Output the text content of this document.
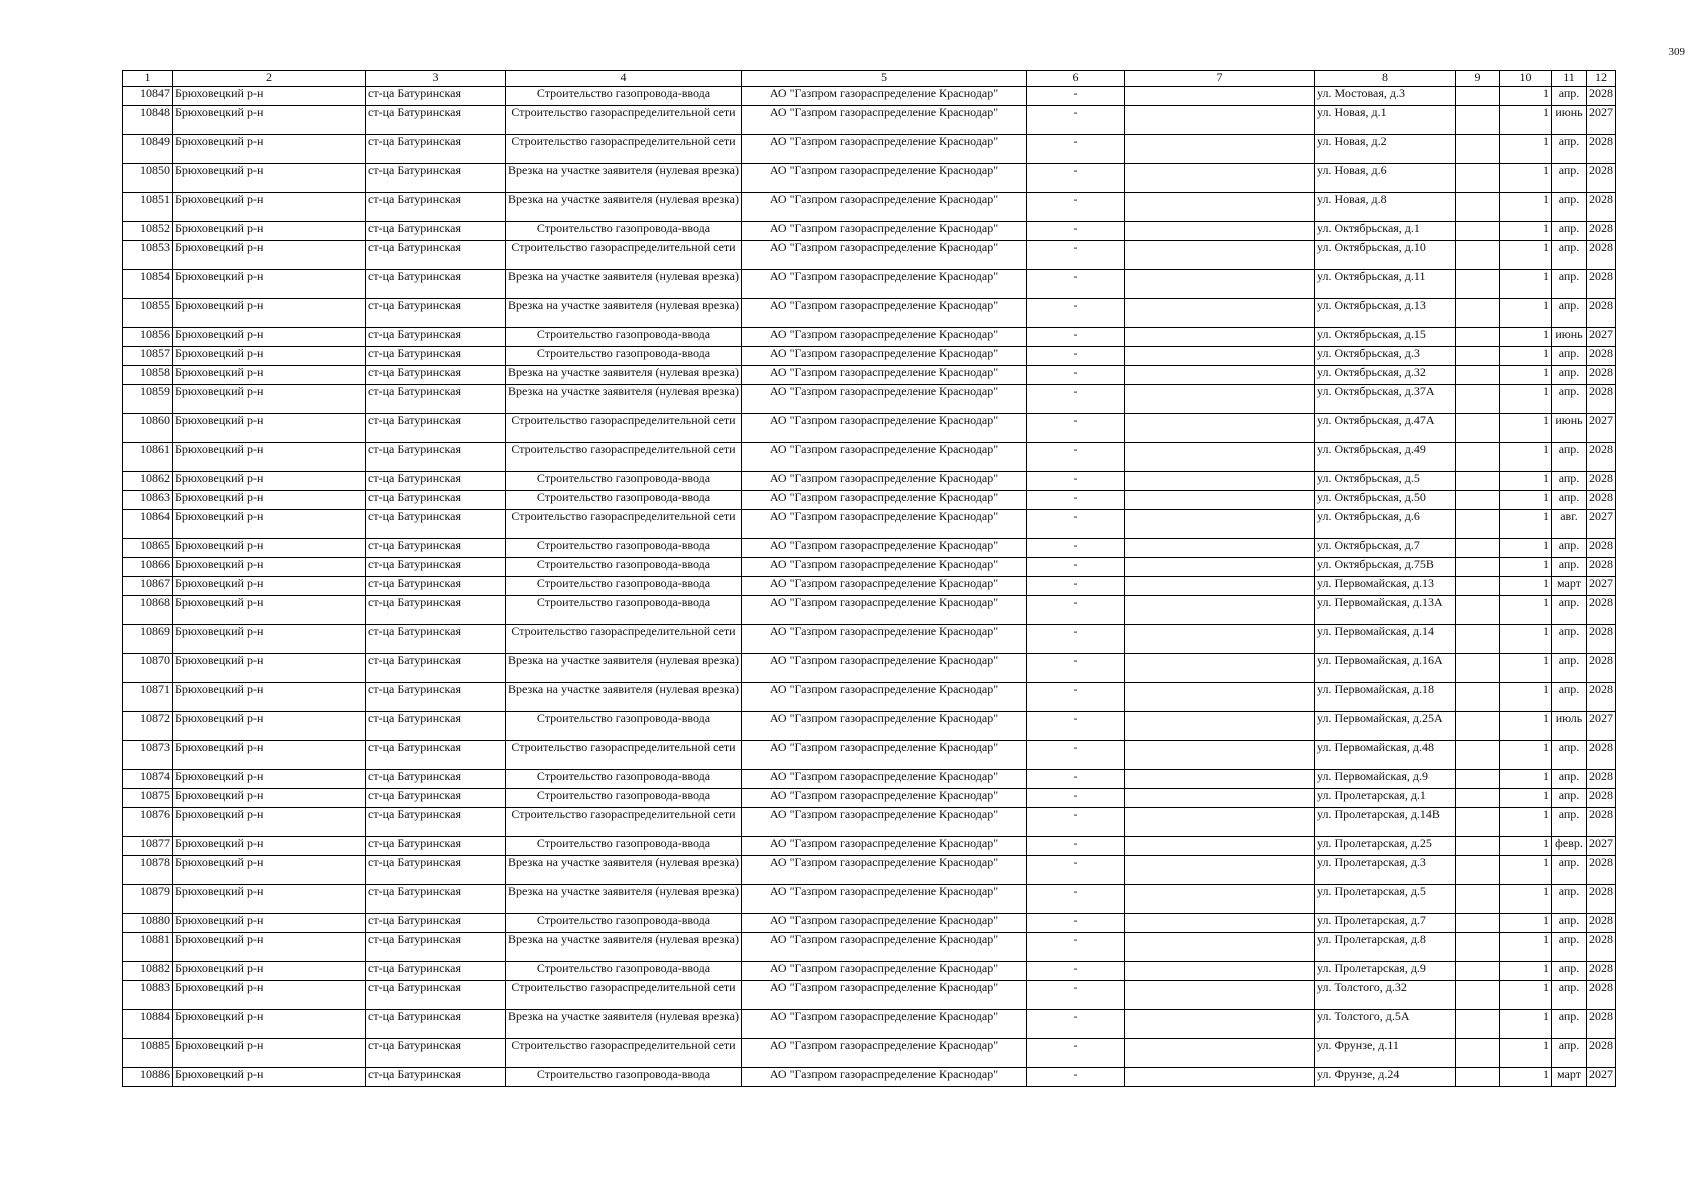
309
1	2	3	4	5	6	7	8	9	10	11	12
10847	Брюховецкий р-н	ст-ца Батуринская	Строительство газопровода-ввода	АО "Газпром газораспределение Краснодар"	-		ул. Мостовая, д.3		1	апр.	2028
10848	Брюховецкий р-н	ст-ца Батуринская	Строительство газораспределительной сети	АО "Газпром газораспределение Краснодар"	-		ул. Новая, д.1		1	июнь	2027
10849	Брюховецкий р-н	ст-ца Батуринская	Строительство газораспределительной сети	АО "Газпром газораспределение Краснодар"	-		ул. Новая, д.2		1	апр.	2028
10850	Брюховецкий р-н	ст-ца Батуринская	Врезка на участке заявителя (нулевая врезка)	АО "Газпром газораспределение Краснодар"	-		ул. Новая, д.6		1	апр.	2028
10851	Брюховецкий р-н	ст-ца Батуринская	Врезка на участке заявителя (нулевая врезка)	АО "Газпром газораспределение Краснодар"	-		ул. Новая, д.8		1	апр.	2028
10852	Брюховецкий р-н	ст-ца Батуринская	Строительство газопровода-ввода	АО "Газпром газораспределение Краснодар"	-		ул. Октябрьская, д.1		1	апр.	2028
10853	Брюховецкий р-н	ст-ца Батуринская	Строительство газораспределительной сети	АО "Газпром газораспределение Краснодар"	-		ул. Октябрьская, д.10		1	апр.	2028
10854	Брюховецкий р-н	ст-ца Батуринская	Врезка на участке заявителя (нулевая врезка)	АО "Газпром газораспределение Краснодар"	-		ул. Октябрьская, д.11		1	апр.	2028
10855	Брюховецкий р-н	ст-ца Батуринская	Врезка на участке заявителя (нулевая врезка)	АО "Газпром газораспределение Краснодар"	-		ул. Октябрьская, д.13		1	апр.	2028
10856	Брюховецкий р-н	ст-ца Батуринская	Строительство газопровода-ввода	АО "Газпром газораспределение Краснодар"	-		ул. Октябрьская, д.15		1	июнь	2027
10857	Брюховецкий р-н	ст-ца Батуринская	Строительство газопровода-ввода	АО "Газпром газораспределение Краснодар"	-		ул. Октябрьская, д.3		1	апр.	2028
10858	Брюховецкий р-н	ст-ца Батуринская	Врезка на участке заявителя (нулевая врезка)	АО "Газпром газораспределение Краснодар"	-		ул. Октябрьская, д.32		1	апр.	2028
10859	Брюховецкий р-н	ст-ца Батуринская	Врезка на участке заявителя (нулевая врезка)	АО "Газпром газораспределение Краснодар"	-		ул. Октябрьская, д.37А		1	апр.	2028
10860	Брюховецкий р-н	ст-ца Батуринская	Строительство газораспределительной сети	АО "Газпром газораспределение Краснодар"	-		ул. Октябрьская, д.47А		1	июнь	2027
10861	Брюховецкий р-н	ст-ца Батуринская	Строительство газораспределительной сети	АО "Газпром газораспределение Краснодар"	-		ул. Октябрьская, д.49		1	апр.	2028
10862	Брюховецкий р-н	ст-ца Батуринская	Строительство газопровода-ввода	АО "Газпром газораспределение Краснодар"	-		ул. Октябрьская, д.5		1	апр.	2028
10863	Брюховецкий р-н	ст-ца Батуринская	Строительство газопровода-ввода	АО "Газпром газораспределение Краснодар"	-		ул. Октябрьская, д.50		1	апр.	2028
10864	Брюховецкий р-н	ст-ца Батуринская	Строительство газораспределительной сети	АО "Газпром газораспределение Краснодар"	-		ул. Октябрьская, д.6		1	авг.	2027
10865	Брюховецкий р-н	ст-ца Батуринская	Строительство газопровода-ввода	АО "Газпром газораспределение Краснодар"	-		ул. Октябрьская, д.7		1	апр.	2028
10866	Брюховецкий р-н	ст-ца Батуринская	Строительство газопровода-ввода	АО "Газпром газораспределение Краснодар"	-		ул. Октябрьская, д.75В		1	апр.	2028
10867	Брюховецкий р-н	ст-ца Батуринская	Строительство газопровода-ввода	АО "Газпром газораспределение Краснодар"	-		ул. Первомайская, д.13		1	март	2027
10868	Брюховецкий р-н	ст-ца Батуринская	Строительство газопровода-ввода	АО "Газпром газораспределение Краснодар"	-		ул. Первомайская, д.13А		1	апр.	2028
10869	Брюховецкий р-н	ст-ца Батуринская	Строительство газораспределительной сети	АО "Газпром газораспределение Краснодар"	-		ул. Первомайская, д.14		1	апр.	2028
10870	Брюховецкий р-н	ст-ца Батуринская	Врезка на участке заявителя (нулевая врезка)	АО "Газпром газораспределение Краснодар"	-		ул. Первомайская, д.16А		1	апр.	2028
10871	Брюховецкий р-н	ст-ца Батуринская	Врезка на участке заявителя (нулевая врезка)	АО "Газпром газораспределение Краснодар"	-		ул. Первомайская, д.18		1	апр.	2028
10872	Брюховецкий р-н	ст-ца Батуринская	Строительство газопровода-ввода	АО "Газпром газораспределение Краснодар"	-		ул. Первомайская, д.25А		1	июль	2027
10873	Брюховецкий р-н	ст-ца Батуринская	Строительство газораспределительной сети	АО "Газпром газораспределение Краснодар"	-		ул. Первомайская, д.48		1	апр.	2028
10874	Брюховецкий р-н	ст-ца Батуринская	Строительство газопровода-ввода	АО "Газпром газораспределение Краснодар"	-		ул. Первомайская, д.9		1	апр.	2028
10875	Брюховецкий р-н	ст-ца Батуринская	Строительство газопровода-ввода	АО "Газпром газораспределение Краснодар"	-		ул. Пролетарская, д.1		1	апр.	2028
10876	Брюховецкий р-н	ст-ца Батуринская	Строительство газораспределительной сети	АО "Газпром газораспределение Краснодар"	-		ул. Пролетарская, д.14В		1	апр.	2028
10877	Брюховецкий р-н	ст-ца Батуринская	Строительство газопровода-ввода	АО "Газпром газораспределение Краснодар"	-		ул. Пролетарская, д.25		1	февр.	2027
10878	Брюховецкий р-н	ст-ца Батуринская	Врезка на участке заявителя (нулевая врезка)	АО "Газпром газораспределение Краснодар"	-		ул. Пролетарская, д.3		1	апр.	2028
10879	Брюховецкий р-н	ст-ца Батуринская	Врезка на участке заявителя (нулевая врезка)	АО "Газпром газораспределение Краснодар"	-		ул. Пролетарская, д.5		1	апр.	2028
10880	Брюховецкий р-н	ст-ца Батуринская	Строительство газопровода-ввода	АО "Газпром газораспределение Краснодар"	-		ул. Пролетарская, д.7		1	апр.	2028
10881	Брюховецкий р-н	ст-ца Батуринская	Врезка на участке заявителя (нулевая врезка)	АО "Газпром газораспределение Краснодар"	-		ул. Пролетарская, д.8		1	апр.	2028
10882	Брюховецкий р-н	ст-ца Батуринская	Строительство газопровода-ввода	АО "Газпром газораспределение Краснодар"	-		ул. Пролетарская, д.9		1	апр.	2028
10883	Брюховецкий р-н	ст-ца Батуринская	Строительство газораспределительной сети	АО "Газпром газораспределение Краснодар"	-		ул. Толстого, д.32		1	апр.	2028
10884	Брюховецкий р-н	ст-ца Батуринская	Врезка на участке заявителя (нулевая врезка)	АО "Газпром газораспределение Краснодар"	-		ул. Толстого, д.5А		1	апр.	2028
10885	Брюховецкий р-н	ст-ца Батуринская	Строительство газораспределительной сети	АО "Газпром газораспределение Краснодар"	-		ул. Фрунзе, д.11		1	апр.	2028
10886	Брюховецкий р-н	ст-ца Батуринская	Строительство газопровода-ввода	АО "Газпром газораспределение Краснодар"	-		ул. Фрунзе, д.24		1	март	2027
